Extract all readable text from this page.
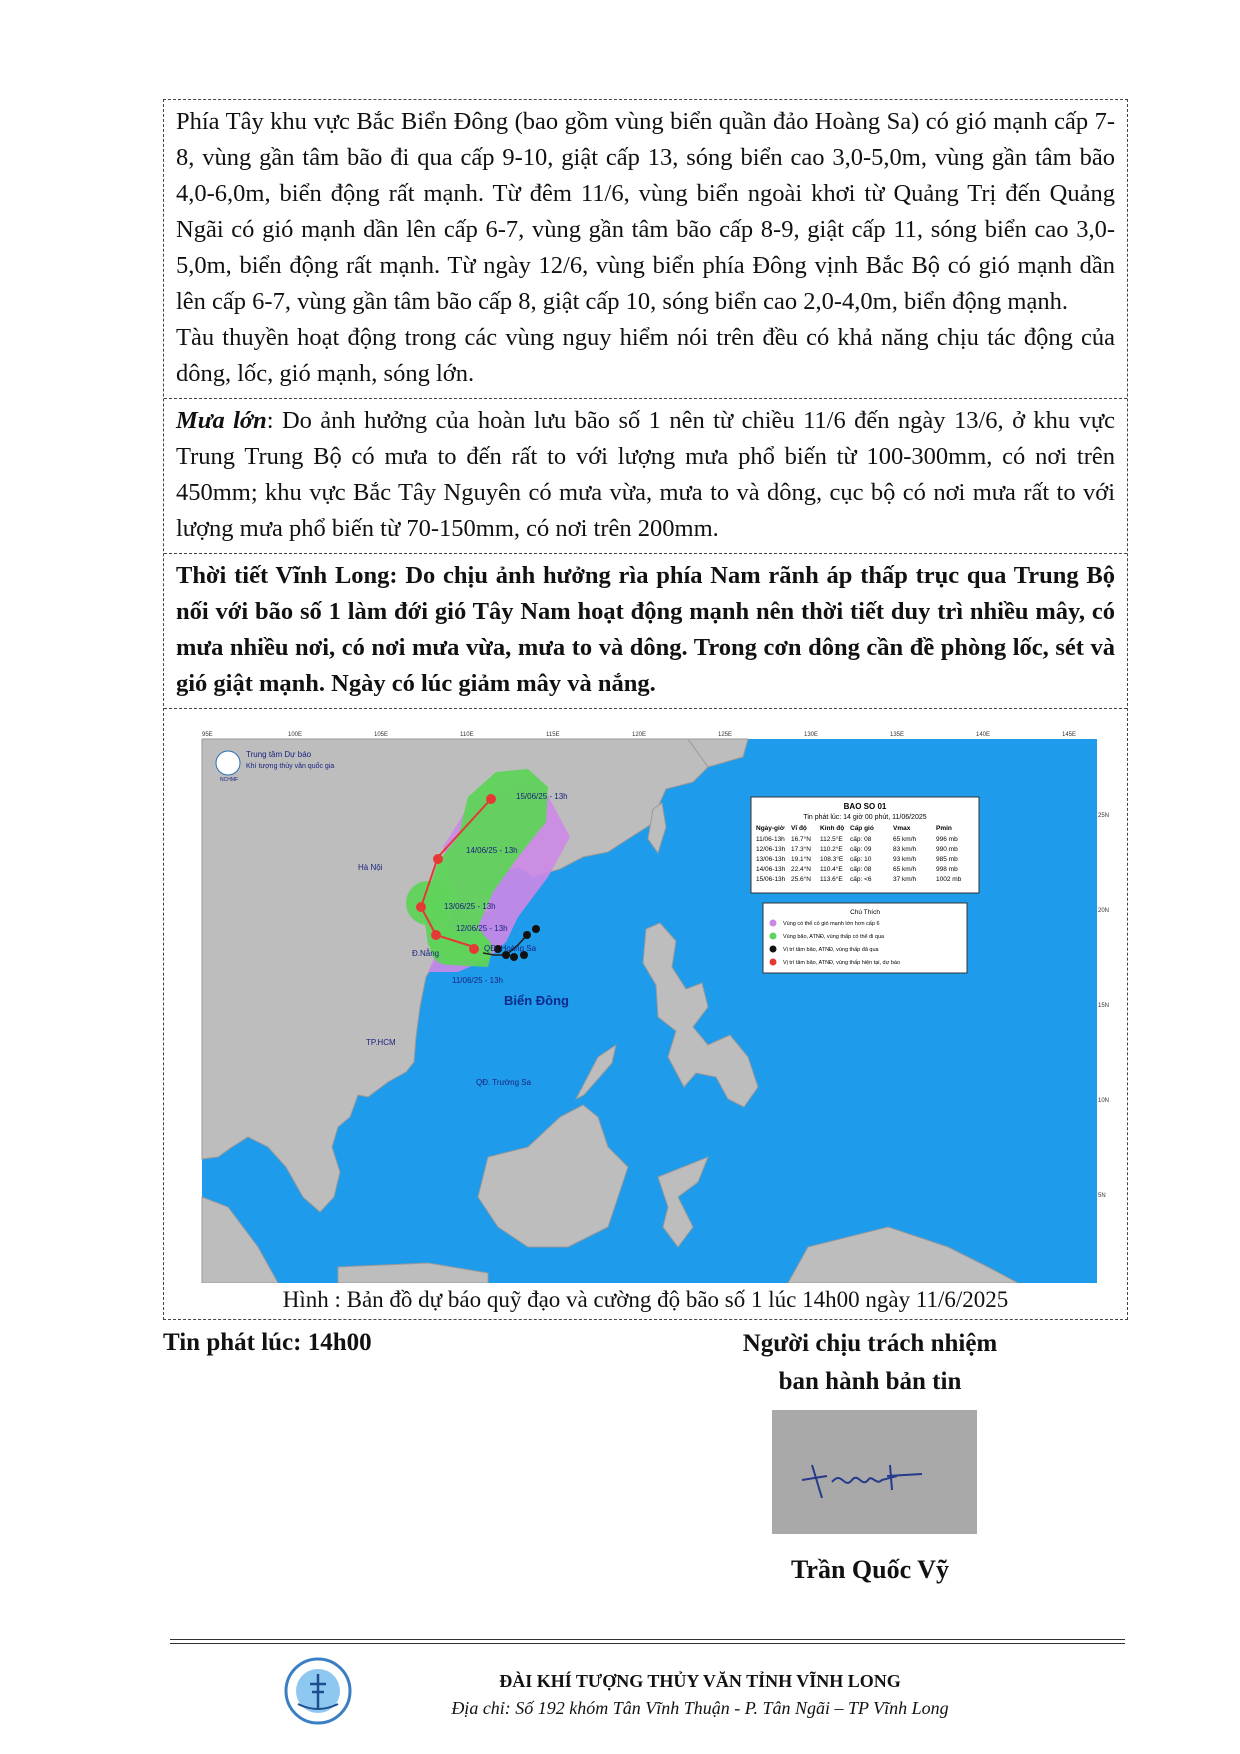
Phía Tây khu vực Bắc Biển Đông (bao gồm vùng biển quần đảo Hoàng Sa) có gió mạnh cấp 7-8, vùng gần tâm bão đi qua cấp 9-10, giật cấp 13, sóng biển cao 3,0-5,0m, vùng gần tâm bão 4,0-6,0m, biển động rất mạnh. Từ đêm 11/6, vùng biển ngoài khơi từ Quảng Trị đến Quảng Ngãi có gió mạnh dần lên cấp 6-7, vùng gần tâm bão cấp 8-9, giật cấp 11, sóng biển cao 3,0-5,0m, biển động rất mạnh. Từ ngày 12/6, vùng biển phía Đông vịnh Bắc Bộ có gió mạnh dần lên cấp 6-7, vùng gần tâm bão cấp 8, giật cấp 10, sóng biển cao 2,0-4,0m, biển động mạnh.

Tàu thuyền hoạt động trong các vùng nguy hiểm nói trên đều có khả năng chịu tác động của dông, lốc, gió mạnh, sóng lớn.

Mưa lớn: Do ảnh hưởng của hoàn lưu bão số 1 nên từ chiều 11/6 đến ngày 13/6, ở khu vực Trung Trung Bộ có mưa to đến rất to với lượng mưa phổ biến từ 100-300mm, có nơi trên 450mm; khu vực Bắc Tây Nguyên có mưa vừa, mưa to và dông, cục bộ có nơi mưa rất to với lượng mưa phổ biến từ 70-150mm, có nơi trên 200mm.

Thời tiết Vĩnh Long: Do chịu ảnh hưởng rìa phía Nam rãnh áp thấp trục qua Trung Bộ nối với bão số 1 làm đới gió Tây Nam hoạt động mạnh nên thời tiết duy trì nhiều mây, có mưa nhiều nơi, có nơi mưa vừa, mưa to và dông. Trong cơn dông cần đề phòng lốc, sét và gió giật mạnh. Ngày có lúc giảm mây và nắng.

11/06/25 - 13h
12/06/25 - 13h
13/06/25 - 13h
14/06/25 - 13h
15/06/25 - 13h
Hà Nội
Đ.Nẵng
QĐ. Hoàng Sa
TP.HCM
QĐ. Trường Sa
Biển Đông
Trung tâm Dự báo
Khí tượng thủy văn quốc gia
NCHMF
BAO SO 01
Tin phát lúc: 14 giờ 00 phút, 11/06/2025
Ngày-giờ Vĩ độ Kinh độ Cấp gió	Vmax	Pmin
11/06-13h 16.7°N 112.5°E cấp: 08	65 km/h	996 mb
12/06-13h 17.3°N 110.2°E cấp: 09	83 km/h	990 mb
13/06-13h 19.1°N 108.3°E cấp: 10	93 km/h	985 mb
14/06-13h 22.4°N 110.4°E cấp: 08	65 km/h	998 mb
15/06-13h 25.6°N 113.6°E cấp: <6	37 km/h	1002 mb
Chú Thích
Vùng có thể có gió mạnh lớn hơn cấp 6
Vùng bão, ATNĐ, vùng thấp có thể đi qua
Vị trí tâm bão, ATNĐ, vùng thấp đã qua
Vị trí tâm bão, ATNĐ, vùng thấp hiện tại, dự báo
95E	100E	105E	110E	115E	120E	125E	130E	135E	140E	145E
25N
20N
15N
10N
5N
Hình : Bản đồ dự báo quỹ đạo và cường độ bão số 1 lúc 14h00 ngày 11/6/2025
Tin phát lúc: 14h00	Người chịu trách nhiệm
ban hành bản tin
Trần Quốc Vỹ
ĐÀI KHÍ TƯỢNG THỦY VĂN TỈNH VĨNH LONG
Địa chỉ: Số 192 khóm Tân Vĩnh Thuận - P. Tân Ngãi – TP Vĩnh Long
